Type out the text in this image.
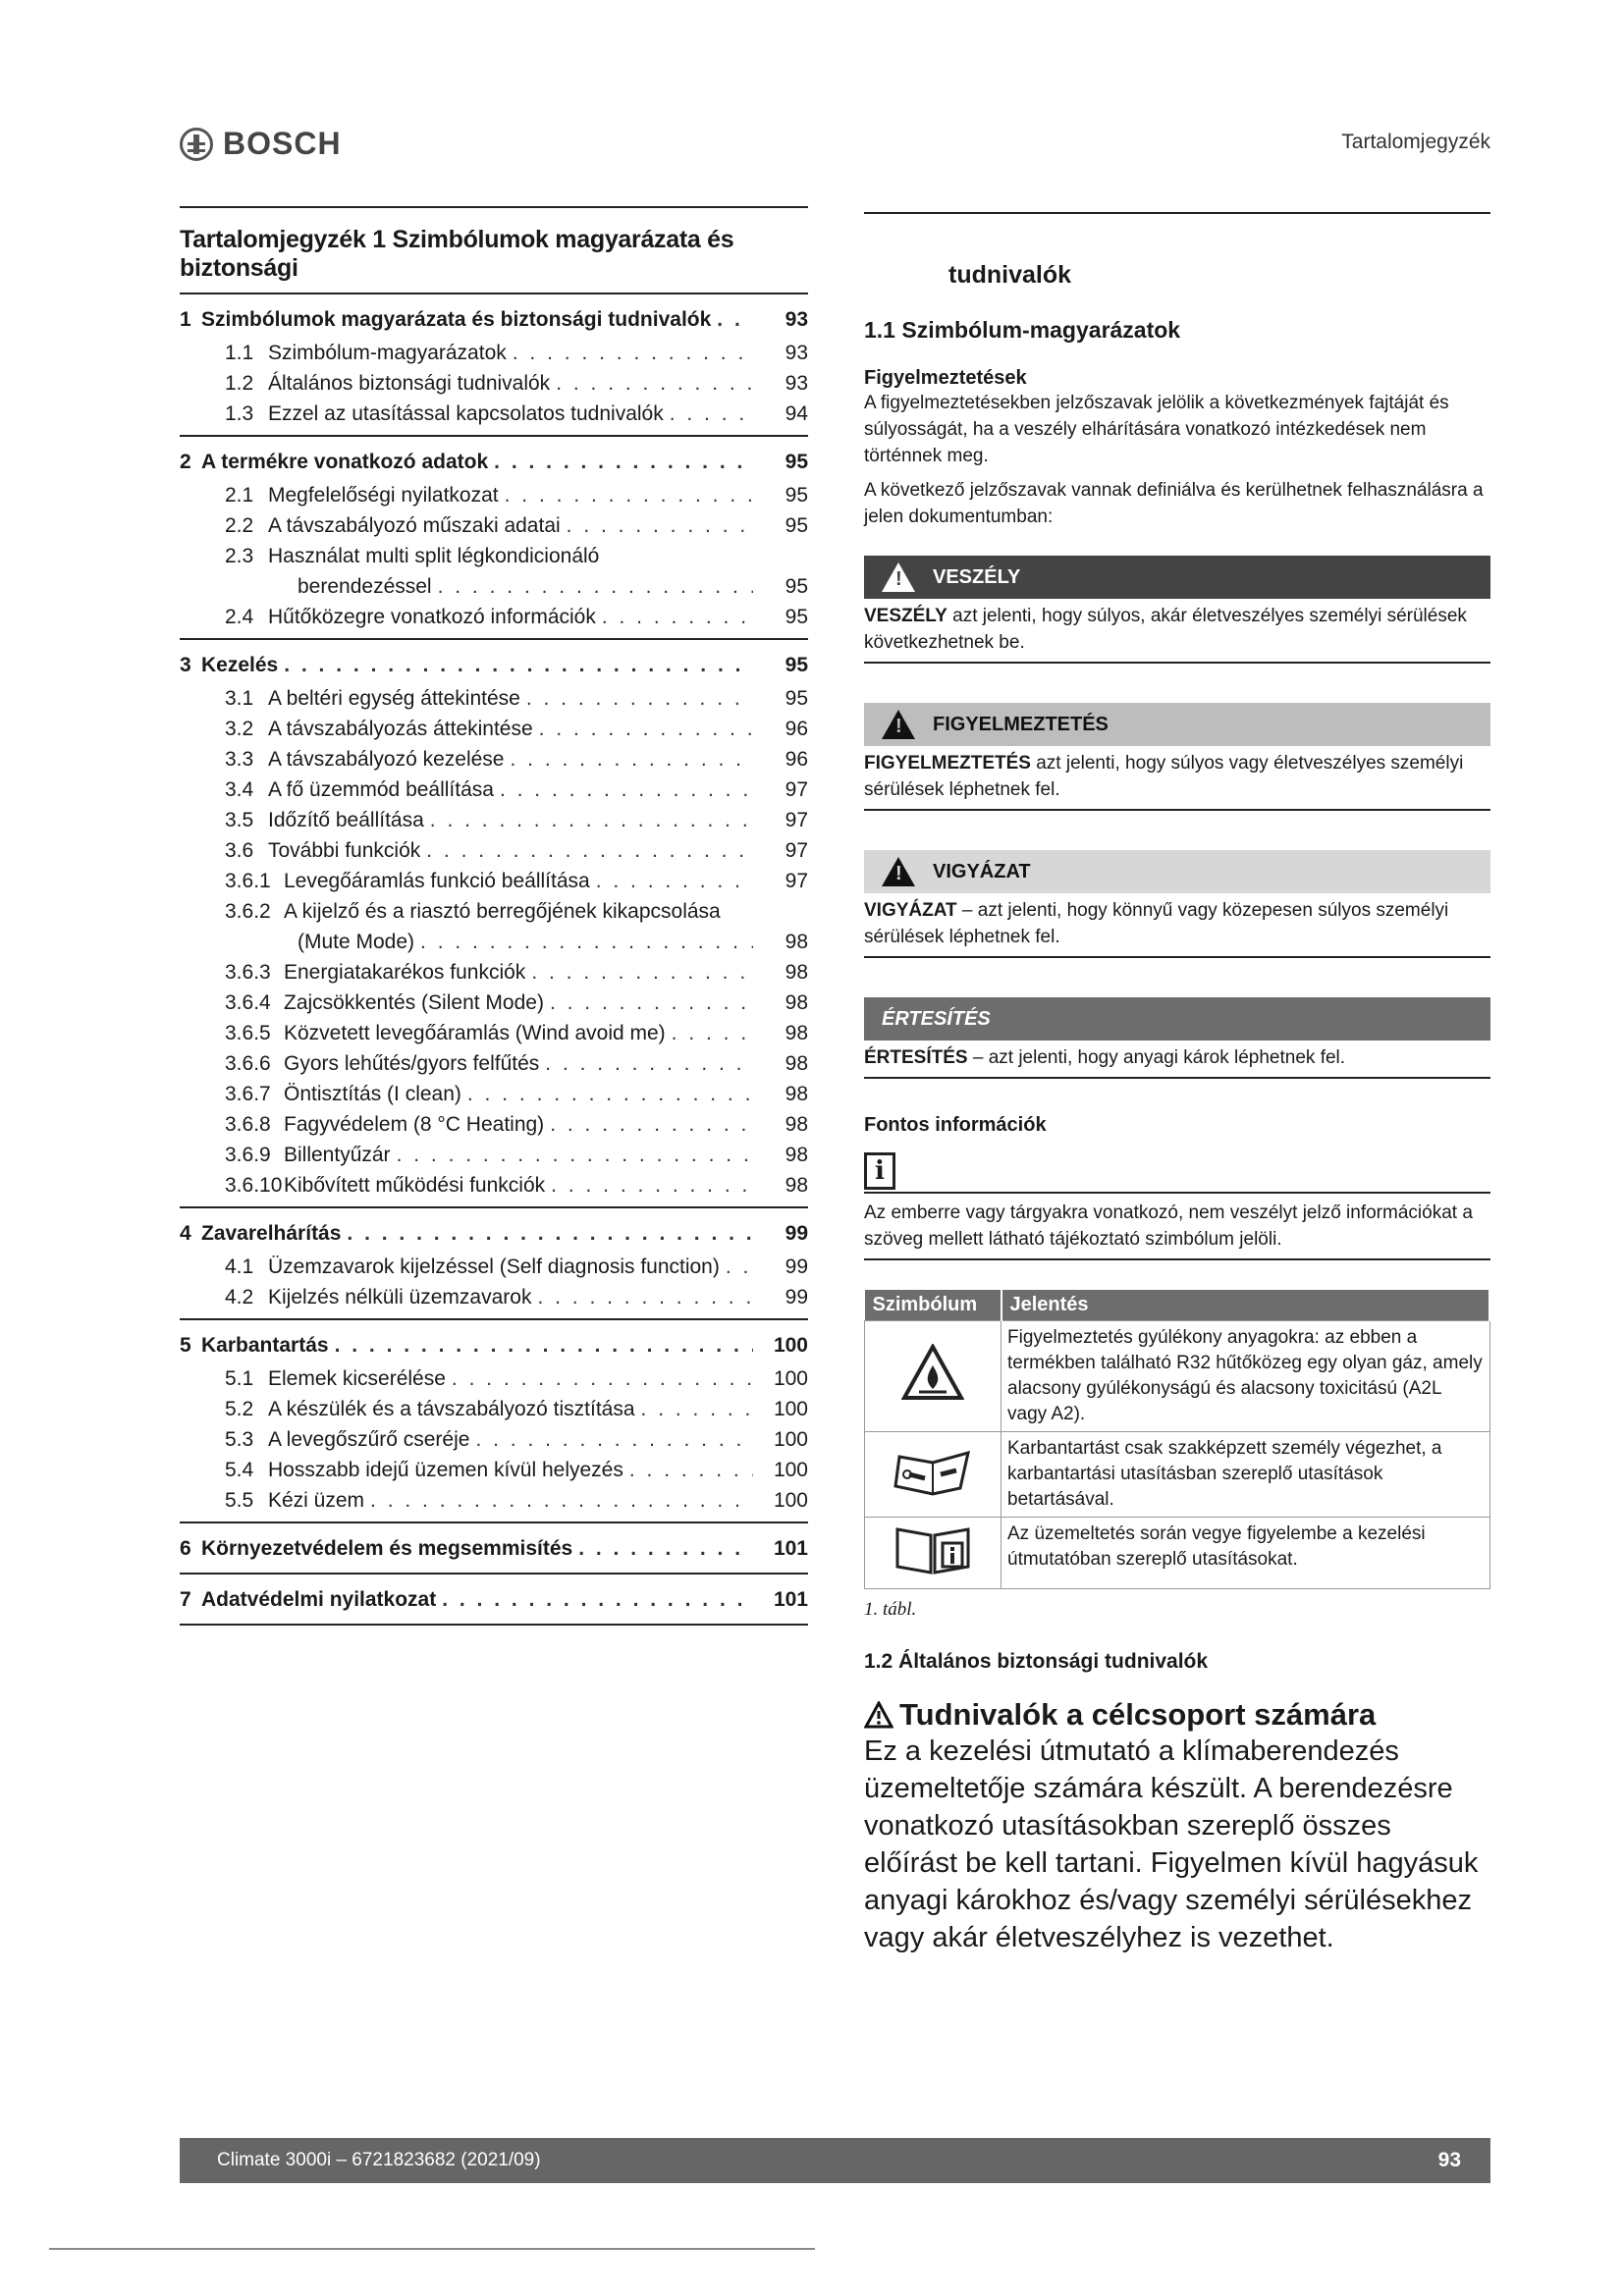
BOSCH	Tartalomjegyzék
Tartalomjegyzék 1 Szimbólumok magyarázata és biztonsági
1 Szimbólumok magyarázata és biztonsági tudnivalók . . .	93
1.1 Szimbólum-magyarázatok . . .	93
1.2 Általános biztonsági tudnivalók . . .	93
1.3 Ezzel az utasítással kapcsolatos tudnivalók . . .	94
2 A termékre vonatkozó adatok . . .	95
2.1 Megfelelőségi nyilatkozat . . .	95
2.2 A távszabályozó műszaki adatai . . .	95
2.3 Használat multi split légkondicionáló
berendezéssel . . .	95
2.4 Hűtőközegre vonatkozó információk . . .	95
3 Kezelés . . .	95
3.1 A beltéri egység áttekintése . . .	95
3.2 A távszabályozás áttekintése . . .	96
3.3 A távszabályozó kezelése . . .	96
3.4 A fő üzemmód beállítása . . .	97
3.5 Időzítő beállítása . . .	97
3.6 További funkciók . . .	97
3.6.1 Levegőáramlás funkció beállítása . . .	97
3.6.2 A kijelző és a riasztó berregőjének kikapcsolása
(Mute Mode) . . .	98
3.6.3 Energiatakarékos funkciók . . .	98
3.6.4 Zajcsökkentés (Silent Mode) . . .	98
3.6.5 Közvetett levegőáramlás (Wind avoid me) . . .	98
3.6.6 Gyors lehűtés/gyors felfűtés . . .	98
3.6.7 Öntisztítás (I clean) . . .	98
3.6.8 Fagyvédelem (8 °C Heating) . . .	98
3.6.9 Billentyűzár . . .	98
3.6.10 Kibővített működési funkciók . . .	98
4 Zavarelhárítás . . .	99
4.1 Üzemzavarok kijelzéssel (Self diagnosis function) . . .	99
4.2 Kijelzés nélküli üzemzavarok . . .	99
5 Karbantartás . . .	100
5.1 Elemek kicserélése . . .	100
5.2 A készülék és a távszabályozó tisztítása . . .	100
5.3 A levegőszűrő cseréje . . .	100
5.4 Hosszabb idejű üzemen kívül helyezés . . .	100
5.5 Kézi üzem . . .	100
6 Környezetvédelem és megsemmisítés . . .	101
7 Adatvédelmi nyilatkozat . . .	101
tudnivalók
1.1 Szimbólum-magyarázatok
Figyelmeztetések
A figyelmeztetésekben jelzőszavak jelölik a következmények fajtáját és súlyosságát, ha a veszély elhárítására vonatkozó intézkedések nem történnek meg.
A következő jelzőszavak vannak definiálva és kerülhetnek felhasználásra a jelen dokumentumban:
!
VESZÉLY
VESZÉLY azt jelenti, hogy súlyos, akár életveszélyes személyi sérülések következhetnek be.
!
FIGYELMEZTETÉS
FIGYELMEZTETÉS azt jelenti, hogy súlyos vagy életveszélyes személyi sérülések léphetnek fel.
!
VIGYÁZAT
VIGYÁZAT – azt jelenti, hogy könnyű vagy közepesen súlyos személyi sérülések léphetnek fel.
ÉRTESÍTÉS
ÉRTESÍTÉS – azt jelenti, hogy anyagi károk léphetnek fel.
Fontos információk
i
Az emberre vagy tárgyakra vonatkozó, nem veszélyt jelző információkat a szöveg mellett látható tájékoztató szimbólum jelöli.
Szimbólum	Jelentés
	Figyelmeztetés gyúlékony anyagokra: az ebben a termékben található R32 hűtőközeg egy olyan gáz, amely alacsony gyúlékonyságú és alacsony toxicitású (A2L vagy A2).
	Karbantartást csak szakképzett személy végezhet, a karbantartási utasításban szereplő utasítások betartásával.
	Az üzemeltetés során vegye figyelembe a kezelési útmutatóban szereplő utasításokat.
1. tábl.
1.2 Általános biztonsági tudnivalók
Tudnivalók a célcsoport számára
Ez a kezelési útmutató a klímaberendezés üzemeltetője számára készült. A berendezésre vonatkozó utasításokban szereplő összes előírást be kell tartani. Figyelmen kívül hagyásuk anyagi károkhoz és/vagy személyi sérülésekhez vagy akár életveszélyhez is vezethet.
Climate 3000i – 6721823682 (2021/09)	93
